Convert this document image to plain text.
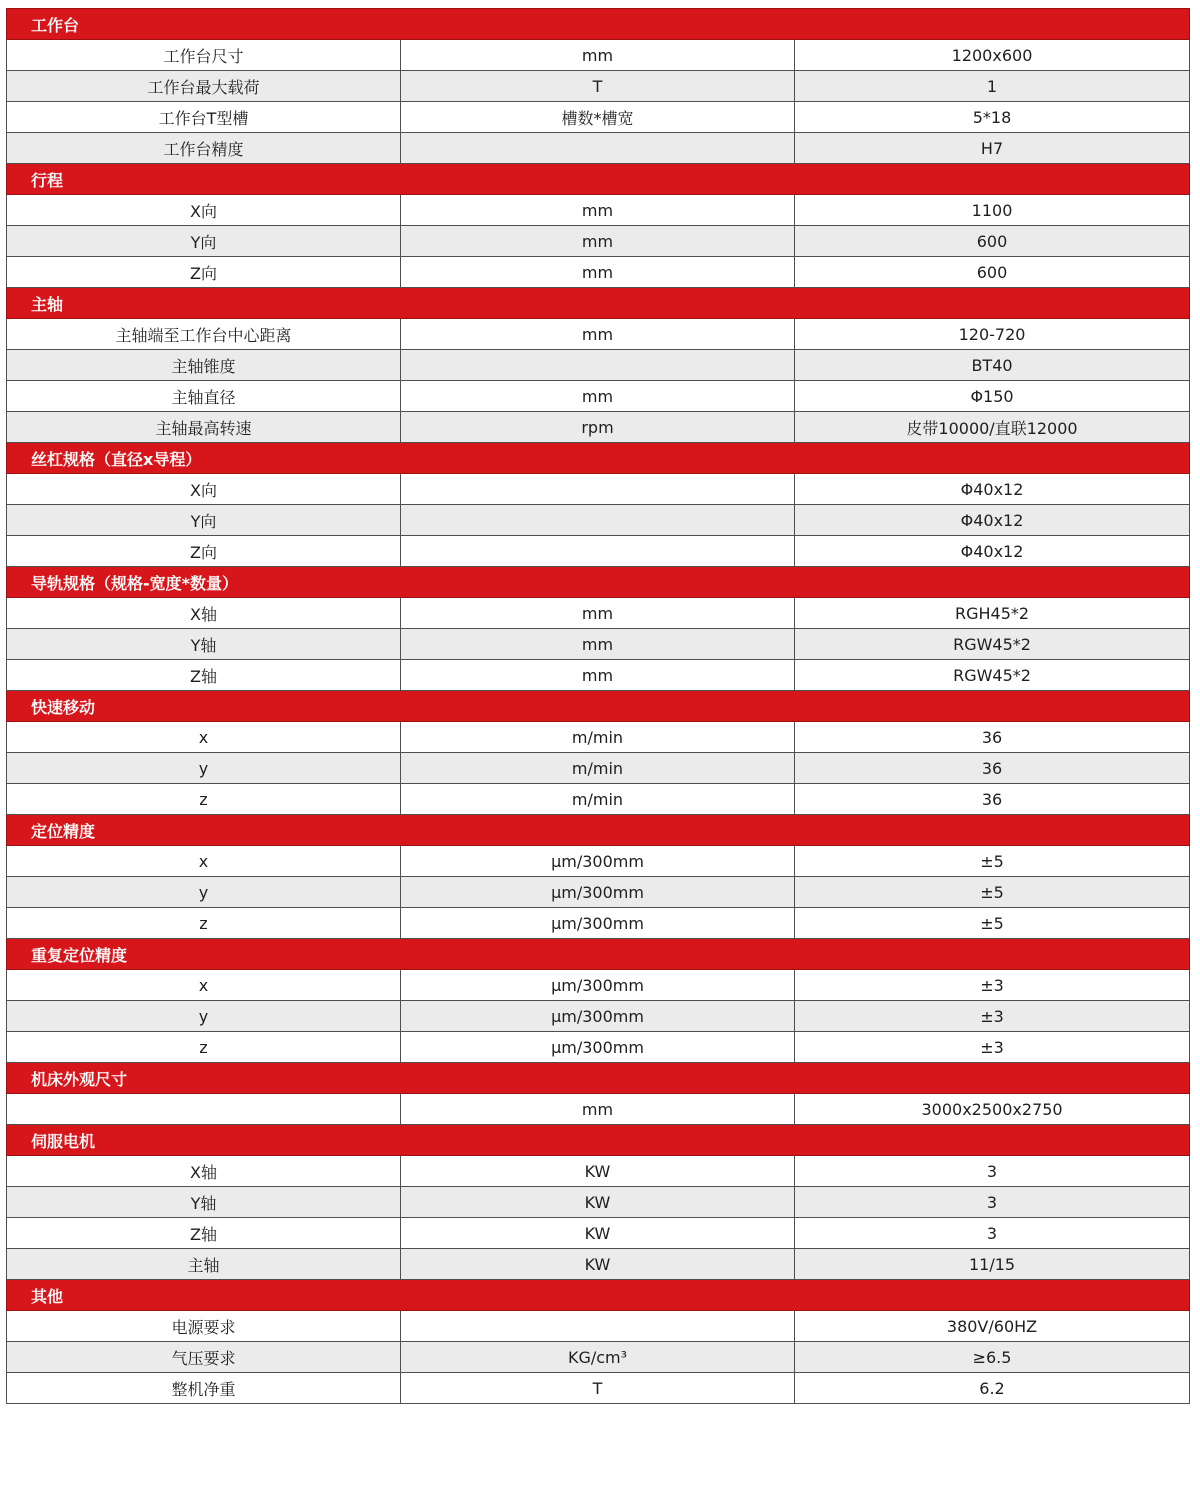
工作台		
工作台尺寸	mm	1200x600
工作台最大载荷	T	1
工作台T型槽	槽数*槽宽	5*18
工作台精度		H7
行程		
X向	mm	1100
Y向	mm	600
Z向	mm	600
主轴		
主轴端至工作台中心距离	mm	120-720
主轴锥度		BT40
主轴直径	mm	Φ150
主轴最高转速	rpm	皮带10000/直联12000
丝杠规格（直径x导程）		
X向		Φ40x12
Y向		Φ40x12
Z向		Φ40x12
导轨规格（规格-宽度*数量）		
X轴	mm	RGH45*2
Y轴	mm	RGW45*2
Z轴	mm	RGW45*2
快速移动		
x	m/min	36
y	m/min	36
z	m/min	36
定位精度		
x	μm/300mm	±5
y	μm/300mm	±5
z	μm/300mm	±5
重复定位精度		
x	μm/300mm	±3
y	μm/300mm	±3
z	μm/300mm	±3
机床外观尺寸		
	mm	3000x2500x2750
伺服电机		
X轴	KW	3
Y轴	KW	3
Z轴	KW	3
主轴	KW	11/15
其他		
电源要求		380V/60HZ
气压要求	KG/cm³	≥6.5
整机净重	T	6.2
